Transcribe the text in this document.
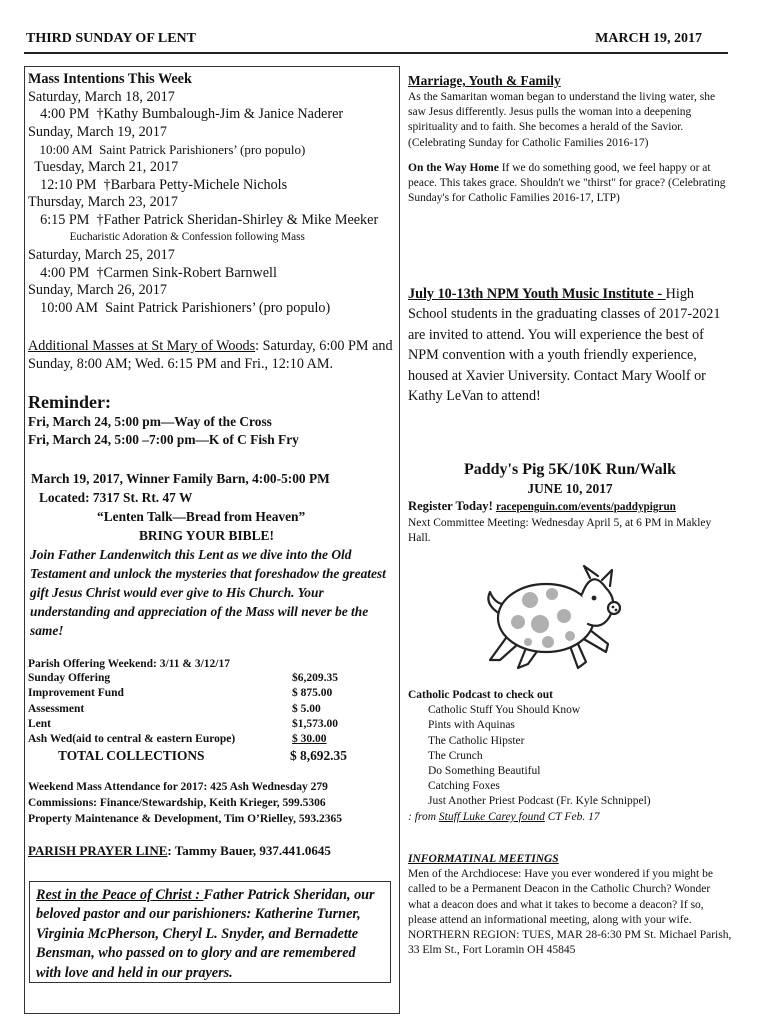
THIRD SUNDAY OF LENT	MARCH 19, 2017
Mass Intentions This Week
Saturday, March 18, 2017
4:00 PM  †Kathy Bumbalough-Jim & Janice Naderer
Sunday, March 19, 2017
10:00 AM  Saint Patrick Parishioners’ (pro populo)
Tuesday, March 21, 2017
12:10 PM  †Barbara Petty-Michele Nichols
Thursday, March 23, 2017
6:15 PM  †Father Patrick Sheridan-Shirley & Mike Meeker
Eucharistic Adoration & Confession following Mass
Saturday, March 25, 2017
4:00 PM  †Carmen Sink-Robert Barnwell
Sunday, March 26, 2017
10:00 AM  Saint Patrick Parishioners’ (pro populo)
Additional Masses at St Mary of Woods: Saturday, 6:00 PM and Sunday, 8:00 AM; Wed. 6:15 PM and Fri., 12:10 AM.
Reminder:
Fri, March 24, 5:00 pm—Way of the Cross
Fri, March 24, 5:00 –7:00 pm—K of C Fish Fry
March 19, 2017, Winner Family Barn, 4:00-5:00 PM
Located: 7317 St. Rt. 47 W
“Lenten Talk—Bread from Heaven”
BRING YOUR BIBLE!
Join Father Landenwitch this Lent as we dive into the Old Testament and unlock the mysteries that foreshadow the greatest gift Jesus Christ would ever give to His Church. Your understanding and appreciation of the Mass will never be the same!
Parish Offering Weekend: 3/11 & 3/12/17
Sunday Offering	$6,209.35
Improvement Fund	$ 875.00
Assessment	$ 5.00
Lent	$1,573.00
Ash Wed(aid to central & eastern Europe)	$ 30.00
TOTAL COLLECTIONS	$ 8,692.35
Weekend Mass Attendance for 2017: 425 Ash Wednesday 279
Commissions: Finance/Stewardship, Keith Krieger, 599.5306
Property Maintenance & Development, Tim O’Rielley, 593.2365
PARISH PRAYER LINE: Tammy Bauer, 937.441.0645
Rest in the Peace of Christ : Father Patrick Sheridan, our beloved pastor and our parishioners: Katherine Turner, Virginia McPherson, Cheryl L. Snyder, and Bernadette Bensman, who passed on to glory and are remembered with love and held in our prayers.
Marriage, Youth & Family
As the Samaritan woman began to understand the living water, she saw Jesus differently. Jesus pulls the woman into a deepening spirituality and to faith. She becomes a herald of the Savior.
(Celebrating Sunday for Catholic Families 2016-17)
On the Way Home If we do something good, we feel happy or at peace. This takes grace. Shouldn't we "thirst" for grace? (Celebrating Sunday's for Catholic Families 2016-17, LTP)
July 10-13th NPM Youth Music Institute - High School students in the graduating classes of 2017-2021 are invited to attend. You will experience the best of NPM convention with a youth friendly experience, housed at Xavier University. Contact Mary Woolf or Kathy LeVan to attend!
Paddy's Pig 5K/10K Run/Walk
JUNE 10, 2017
Register Today! racepenguin.com/events/paddypigrun
Next Committee Meeting: Wednesday April 5, at 6 PM in Makley Hall.
Catholic Podcast to check out
Catholic Stuff You Should Know
Pints with Aquinas
The Catholic Hipster
The Crunch
Do Something Beautiful
Catching Foxes
Just Another Priest Podcast (Fr. Kyle Schnippel)
: from Stuff Luke Carey found CT Feb. 17
INFORMATINAL MEETINGS
Men of the Archdiocese: Have you ever wondered if you might be called to be a Permanent Deacon in the Catholic Church? Wonder what a deacon does and what it takes to become a deacon? If so, please attend an informational meeting, along with your wife. NORTHERN REGION: TUES, MAR 28-6:30 PM St. Michael Parish, 33 Elm St., Fort Loramin OH 45845
